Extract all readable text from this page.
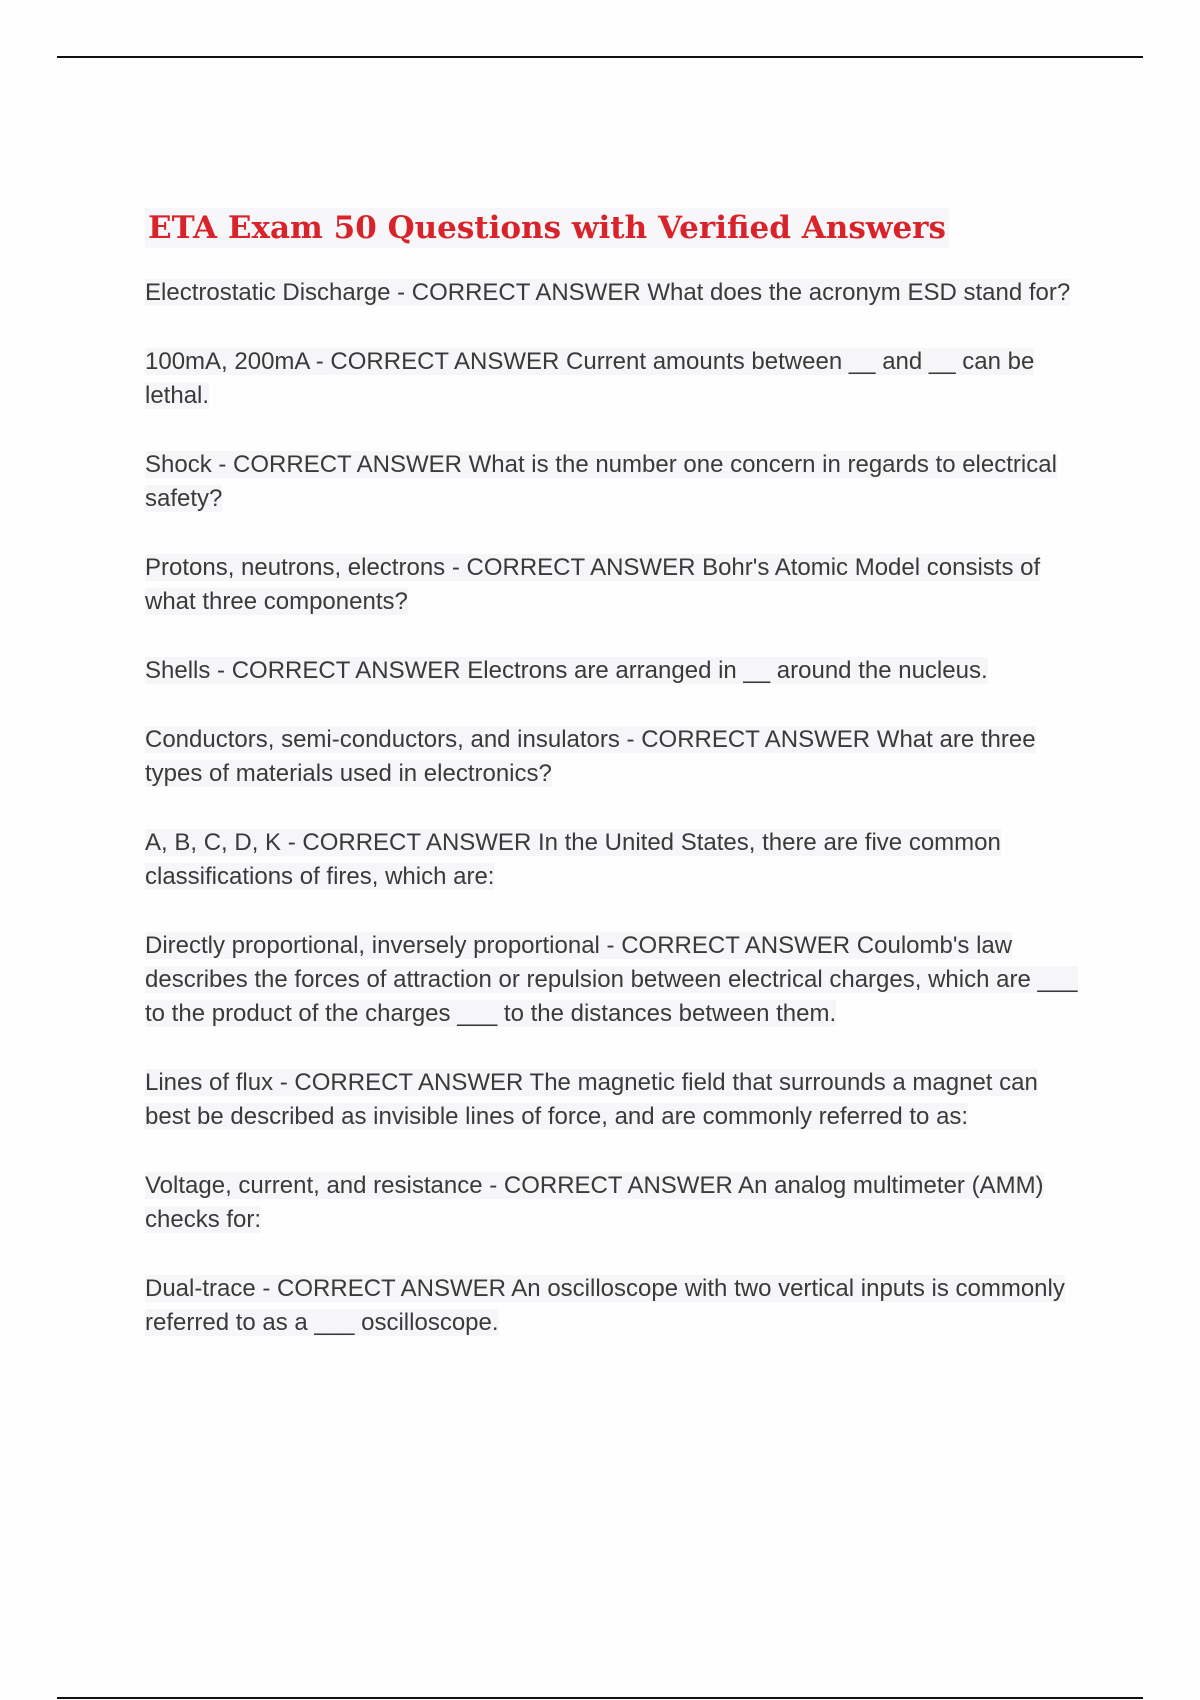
ETA Exam 50 Questions with Verified Answers
Electrostatic Discharge - CORRECT ANSWER What does the acronym ESD stand for?
100mA, 200mA - CORRECT ANSWER Current amounts between __ and __ can be lethal.
Shock - CORRECT ANSWER What is the number one concern in regards to electrical safety?
Protons, neutrons, electrons - CORRECT ANSWER Bohr's Atomic Model consists of what three components?
Shells - CORRECT ANSWER Electrons are arranged in __ around the nucleus.
Conductors, semi-conductors, and insulators - CORRECT ANSWER What are three types of materials used in electronics?
A, B, C, D, K - CORRECT ANSWER In the United States, there are five common classifications of fires, which are:
Directly proportional, inversely proportional - CORRECT ANSWER Coulomb's law describes the forces of attraction or repulsion between electrical charges, which are ___ to the product of the charges ___ to the distances between them.
Lines of flux - CORRECT ANSWER The magnetic field that surrounds a magnet can best be described as invisible lines of force, and are commonly referred to as:
Voltage, current, and resistance - CORRECT ANSWER An analog multimeter (AMM) checks for:
Dual-trace - CORRECT ANSWER An oscilloscope with two vertical inputs is commonly referred to as a ___ oscilloscope.
